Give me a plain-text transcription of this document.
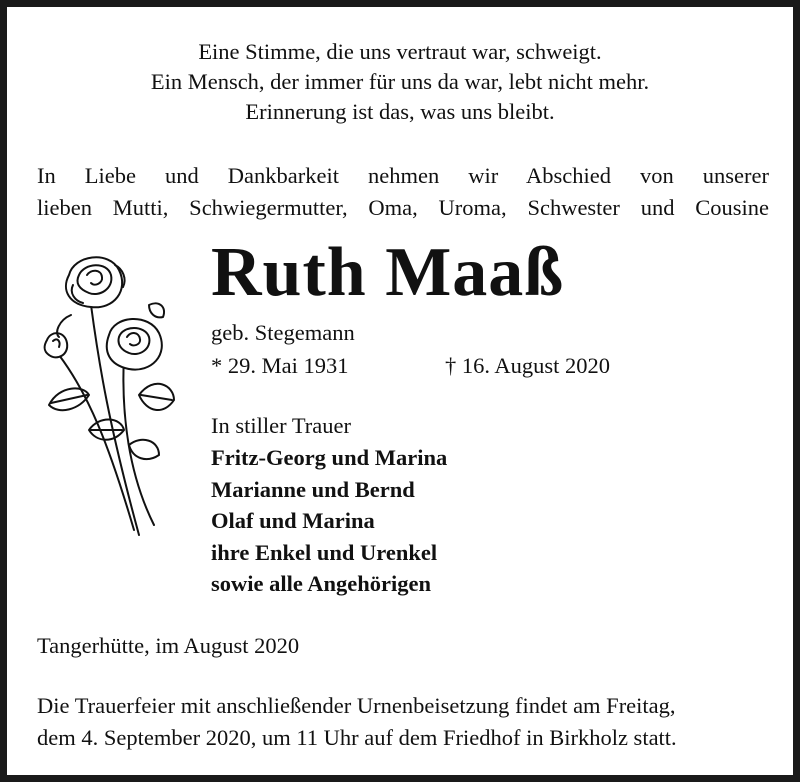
Eine Stimme, die uns vertraut war, schweigt.
Ein Mensch, der immer für uns da war, lebt nicht mehr.
Erinnerung ist das, was uns bleibt.
In Liebe und Dankbarkeit nehmen wir Abschied von unserer
lieben Mutti, Schwiegermutter, Oma, Uroma, Schwester und Cousine
Ruth Maaß
geb. Stegemann
* 29. Mai 1931	† 16. August 2020
In stiller Trauer
Fritz-Georg und Marina
Marianne und Bernd
Olaf und Marina
ihre Enkel und Urenkel
sowie alle Angehörigen
Tangerhütte, im August 2020
Die Trauerfeier mit anschließender Urnenbeisetzung findet am Freitag,
dem 4. September 2020, um 11 Uhr auf dem Friedhof in Birkholz statt.
